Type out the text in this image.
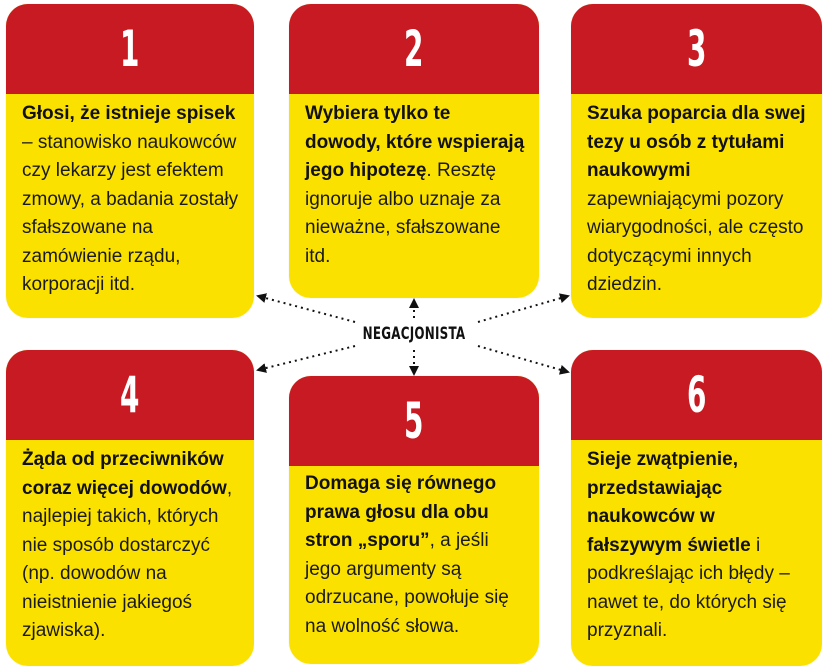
NEGACJONISTA
1
Głosi, że istnieje spisek – stanowisko naukowców czy lekarzy jest efektem zmowy, a badania zostały sfałszowane na zamówienie rządu, korporacji itd.
2
Wybiera tylko te dowody, które wspierają jego hipotezę. Resztę ignoruje albo uznaje za nieważne, sfałszowane itd.
3
Szuka poparcia dla swej tezy u osób z tytułami naukowymi zapewniającymi pozory wiarygodności, ale często dotyczącymi innych dziedzin.
4
Żąda od przeciwników coraz więcej dowodów, najlepiej takich, których nie sposób dostarczyć (np. dowodów na nieistnienie jakiegoś zjawiska).
5
Domaga się równego prawa głosu dla obu stron „sporu”, a jeśli jego argumenty są odrzucane, powołuje się na wolność słowa.
6
Sieje zwątpienie, przedstawiając naukowców w fałszywym świetle i podkreślając ich błędy – nawet te, do których się przyznali.
